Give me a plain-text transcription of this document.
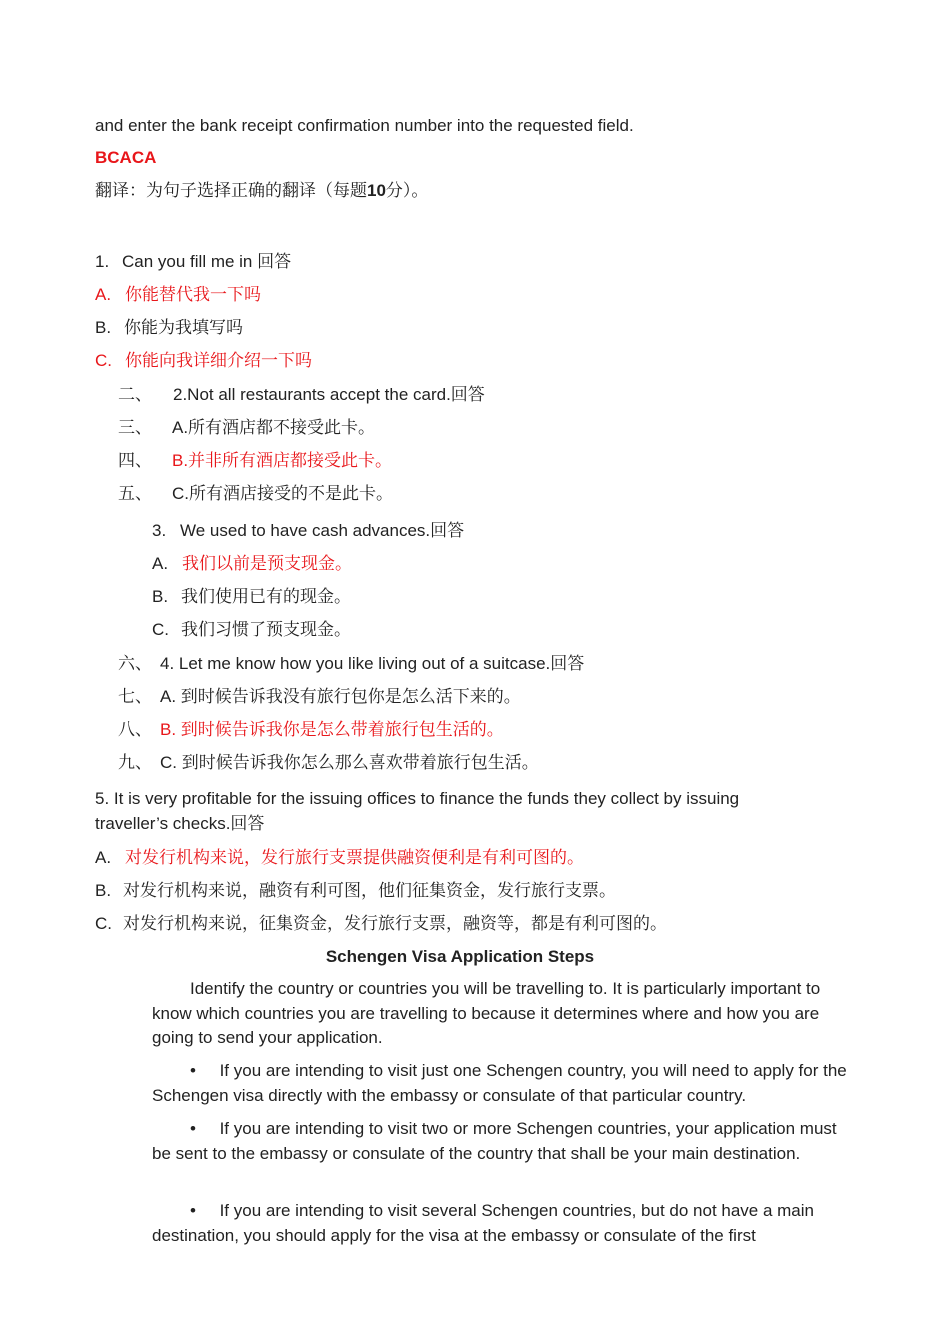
and enter the bank receipt confirmation number into the requested field.
BCACA
翻译：为句子选择正确的翻译（每题10分）。
1. Can you fill me in 回答
A. 你能替代我一下吗
B. 你能为我填写吗
C. 你能向我详细介绍一下吗
二、 2.Not all restaurants accept the card.回答
三、 A.所有酒店都不接受此卡。
四、 B.并非所有酒店都接受此卡。
五、 C.所有酒店接受的不是此卡。
3. We used to have cash advances.回答
A. 我们以前是预支现金。
B. 我们使用已有的现金。
C. 我们习惯了预支现金。
六、 4. Let me know how you like living out of a suitcase.回答
七、 A. 到时候告诉我没有旅行包你是怎么活下来的。
八、 B. 到时候告诉我你是怎么带着旅行包生活的。
九、 C. 到时候告诉我你怎么那么喜欢带着旅行包生活。
5. It is very profitable for the issuing offices to finance the funds they collect by issuing
traveller’s checks.回答
A. 对发行机构来说，发行旅行支票提供融资便利是有利可图的。
B. 对发行机构来说，融资有利可图，他们征集资金，发行旅行支票。
C. 对发行机构来说，征集资金，发行旅行支票，融资等，都是有利可图的。
Schengen Visa Application Steps
Identify the country or countries you will be travelling to. It is particularly important to know which countries you are travelling to because it determines where and how you are going to send your application.
• If you are intending to visit just one Schengen country, you will need to apply for the Schengen visa directly with the embassy or consulate of that particular country.
• If you are intending to visit two or more Schengen countries, your application must be sent to the embassy or consulate of the country that shall be your main destination.
• If you are intending to visit several Schengen countries, but do not have a main destination, you should apply for the visa at the embassy or consulate of the first
